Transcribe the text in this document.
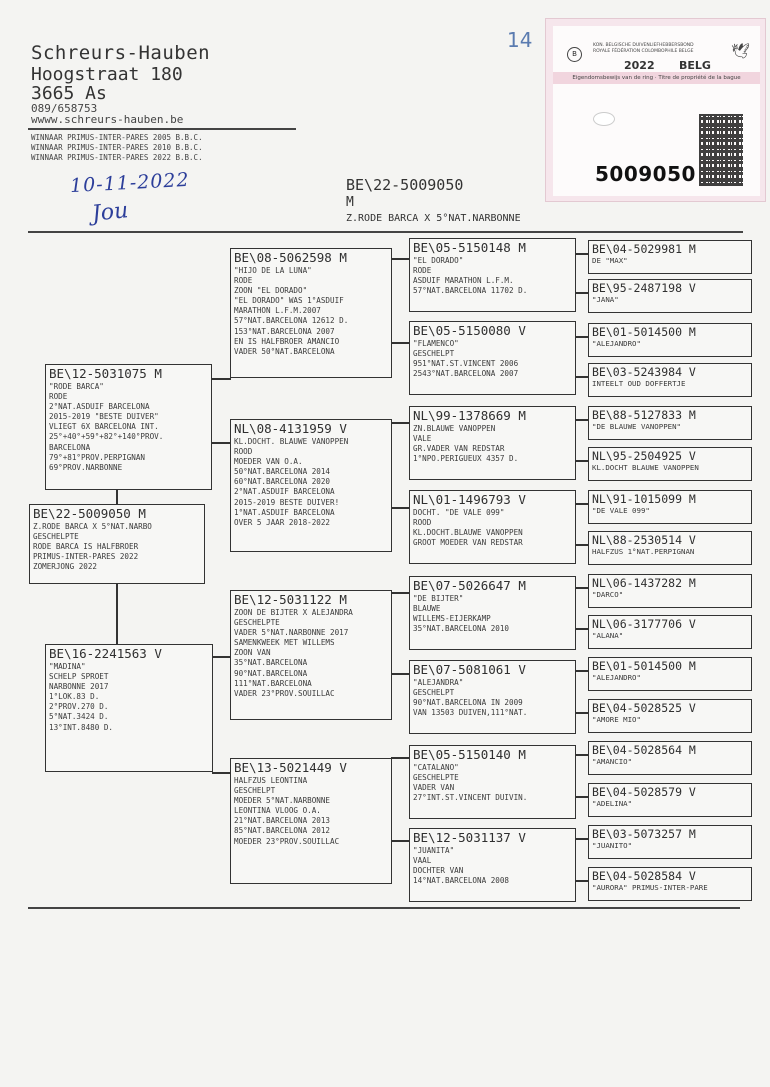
Schreurs-Hauben
Hoogstraat 180
3665 As
089/658753
wwww.schreurs-hauben.be
WINNAAR PRIMUS-INTER-PARES 2005 B.B.C.
WINNAAR PRIMUS-INTER-PARES 2010 B.B.C.
WINNAAR PRIMUS-INTER-PARES 2022 B.B.C.
14
10-11-2022
Jou
B
KON. BELGISCHE DUIVENLIEFHEBBERSBOND
ROYALE FÉDÉRATION COLOMBOPHILE BELGE	🕊
2022 BELG
Eigendomsbewijs van de ring · Titre de propriété de la bague
5009050
BE\22-5009050
M
Z.RODE BARCA X 5°NAT.NARBONNE
BE\22-5009050 M
Z.RODE BARCA X 5°NAT.NARBO
GESCHELPTE
RODE BARCA IS HALFBROER
PRIMUS-INTER-PARES 2022
ZOMERJONG 2022
BE\12-5031075 M
"RODE BARCA"
RODE
2°NAT.ASDUIF BARCELONA
2015-2019 "BESTE DUIVER"
VLIEGT 6X BARCELONA INT.
25°+40°+59°+82°+140°PROV.
BARCELONA
79°+81°PROV.PERPIGNAN
69°PROV.NARBONNE
BE\16-2241563 V
"MADINA"
SCHELP SPROET
NARBONNE 2017
1°LOK.83 D.
2°PROV.270 D.
5°NAT.3424 D.
13°INT.8480 D.
BE\08-5062598 M
"HIJO DE LA LUNA"
RODE
ZOON "EL DORADO"
"EL DORADO" WAS 1°ASDUIF
MARATHON L.F.M.2007
57°NAT.BARCELONA 12612 D.
153°NAT.BARCELONA 2007
EN IS HALFBROER AMANCIO
VADER 50°NAT.BARCELONA
NL\08-4131959 V
KL.DOCHT. BLAUWE VANOPPEN
ROOD
MOEDER VAN O.A.
50°NAT.BARCELONA 2014
60°NAT.BARCELONA 2020
2°NAT.ASDUIF BARCELONA
2015-2019 BESTE DUIVER!
1°NAT.ASDUIF BARCELONA
OVER 5 JAAR 2018-2022
BE\12-5031122 M
ZOON DE BIJTER X ALEJANDRA
GESCHELPTE
VADER 5°NAT.NARBONNE 2017
SAMENKWEEK MET WILLEMS
ZOON VAN
35°NAT.BARCELONA
90°NAT.BARCELONA
111°NAT.BARCELONA
VADER 23°PROV.SOUILLAC
BE\13-5021449 V
HALFZUS LEONTINA
GESCHELPT
MOEDER 5°NAT.NARBONNE
LEONTINA VLOOG O.A.
21°NAT.BARCELONA 2013
85°NAT.BARCELONA 2012
MOEDER 23°PROV.SOUILLAC
BE\05-5150148 M
"EL DORADO"
RODE
ASDUIF MARATHON L.F.M.
57°NAT.BARCELONA 11702 D.
BE\05-5150080 V
"FLAMENCO"
GESCHELPT
951°NAT.ST.VINCENT 2006
2543°NAT.BARCELONA 2007
NL\99-1378669 M
ZN.BLAUWE VANOPPEN
VALE
GR.VADER VAN REDSTAR
1°NPO.PERIGUEUX 4357 D.
NL\01-1496793 V
DOCHT. "DE VALE 099"
ROOD
KL.DOCHT.BLAUWE VANOPPEN
GROOT MOEDER VAN REDSTAR
BE\07-5026647 M
"DE BIJTER"
BLAUWE
WILLEMS-EIJERKAMP
35°NAT.BARCELONA 2010
BE\07-5081061 V
"ALEJANDRA"
GESCHELPT
90°NAT.BARCELONA IN 2009
VAN 13503 DUIVEN,111°NAT.
BE\05-5150140 M
"CATALANO"
GESCHELPTE
VADER VAN
27°INT.ST.VINCENT DUIVIN.
BE\12-5031137 V
"JUANITA"
VAAL
DOCHTER VAN
14°NAT.BARCELONA 2008
BE\04-5029981 M
DE "MAX"
BE\95-2487198 V
"JANA"
BE\01-5014500 M
"ALEJANDRO"
BE\03-5243984 V
INTEELT OUD DOFFERTJE
BE\88-5127833 M
"DE BLAUWE VANOPPEN"
NL\95-2504925 V
KL.DOCHT BLAUWE VANOPPEN
NL\91-1015099 M
"DE VALE 099"
NL\88-2530514 V
HALFZUS 1°NAT.PERPIGNAN
NL\06-1437282 M
"DARCO"
NL\06-3177706 V
"ALANA"
BE\01-5014500 M
"ALEJANDRO"
BE\04-5028525 V
"AMORE MIO"
BE\04-5028564 M
"AMANCIO"
BE\04-5028579 V
"ADELINA"
BE\03-5073257 M
"JUANITO"
BE\04-5028584 V
"AURORA" PRIMUS-INTER-PARE
